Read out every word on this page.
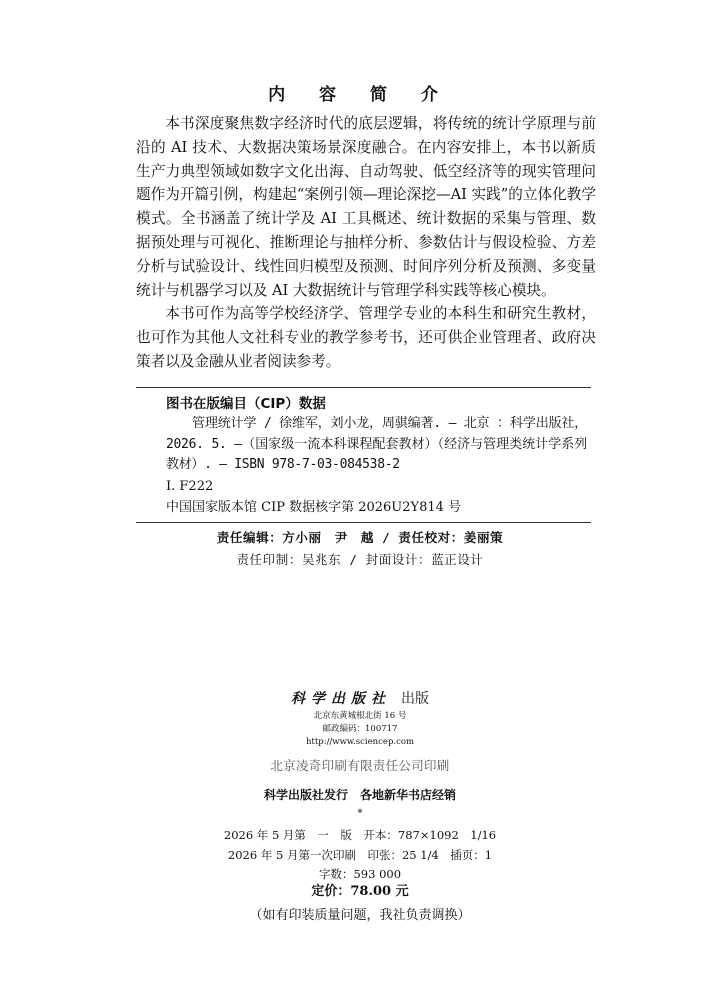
内 容 简 介

本书深度聚焦数字经济时代的底层逻辑，将传统的统计学原理与前沿的 AI 技术、大数据决策场景深度融合。在内容安排上，本书以新质生产力典型领域如数字文化出海、自动驾驶、低空经济等的现实管理问题作为开篇引例，构建起“案例引领—理论深挖—AI 实践”的立体化教学模式。全书涵盖了统计学及 AI 工具概述、统计数据的采集与管理、数据预处理与可视化、推断理论与抽样分析、参数估计与假设检验、方差分析与试验设计、线性回归模型及预测、时间序列分析及预测、多变量统计与机器学习以及 AI 大数据统计与管理学科实践等核心模块。

本书可作为高等学校经济学、管理学专业的本科生和研究生教材，也可作为其他人文社科专业的教学参考书，还可供企业管理者、政府决策者以及金融从业者阅读参考。

图书在版编目（CIP）数据
管理统计学 / 徐维军，刘小龙，周骐编著. — 北京 ：科学出版社，2026. 5. —（国家级一流本科课程配套教材）（经济与管理类统计学系列教材）. — ISBN 978-7-03-084538-2
Ⅰ. F222
中国国家版本馆 CIP 数据核字第 2026U2Y814 号
责任编辑：方小丽　尹　越 / 责任校对：姜丽策
责任印制：吴兆东 / 封面设计：蓝正设计
科学出版社 出版
北京东黄城根北街 16 号
邮政编码：100717
http://www.sciencep.com
北京凌奇印刷有限责任公司印刷
科学出版社发行　各地新华书店经销
*
2026 年 5 月第　一　版　开本：787×1092　1/16
2026 年 5 月第一次印刷　印张：25 1/4　插页：1
字数：593 000
定价：78.00 元
（如有印装质量问题，我社负责调换）
